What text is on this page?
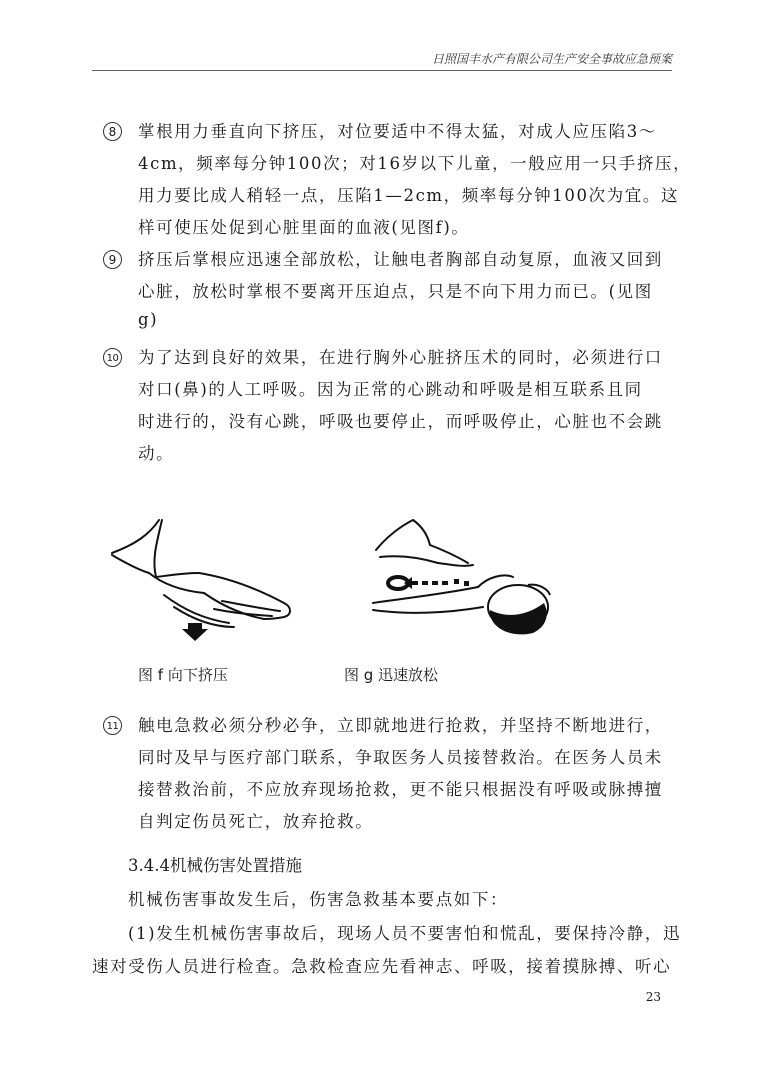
日照国丰水产有限公司生产安全事故应急预案
8	掌根用力垂直向下挤压，对位要适中不得太猛，对成人应压陷3～
4cm，频率每分钟100次；对16岁以下儿童，一般应用一只手挤压，
用力要比成人稍轻一点，压陷1—2cm，频率每分钟100次为宜。这
样可使压处促到心脏里面的血液(见图f)。
9	挤压后掌根应迅速全部放松，让触电者胸部自动复原，血液又回到
心脏，放松时掌根不要离开压迫点，只是不向下用力而已。(见图
g)
10 为了达到良好的效果，在进行胸外心脏挤压术的同时，必须进行口
对口(鼻)的人工呼吸。因为正常的心跳动和呼吸是相互联系且同
时进行的，没有心跳，呼吸也要停止，而呼吸停止，心脏也不会跳
动。
图 f 向下挤压	图 g 迅速放松
11 触电急救必须分秒必争，立即就地进行抢救，并坚持不断地进行，
同时及早与医疗部门联系，争取医务人员接替救治。在医务人员未
接替救治前，不应放弃现场抢救，更不能只根据没有呼吸或脉搏擅
自判定伤员死亡，放弃抢救。
3.4.4机械伤害处置措施
机械伤害事故发生后，伤害急救基本要点如下：
(1)发生机械伤害事故后，现场人员不要害怕和慌乱，要保持冷静，迅
速对受伤人员进行检查。急救检查应先看神志、呼吸，接着摸脉搏、听心
23
